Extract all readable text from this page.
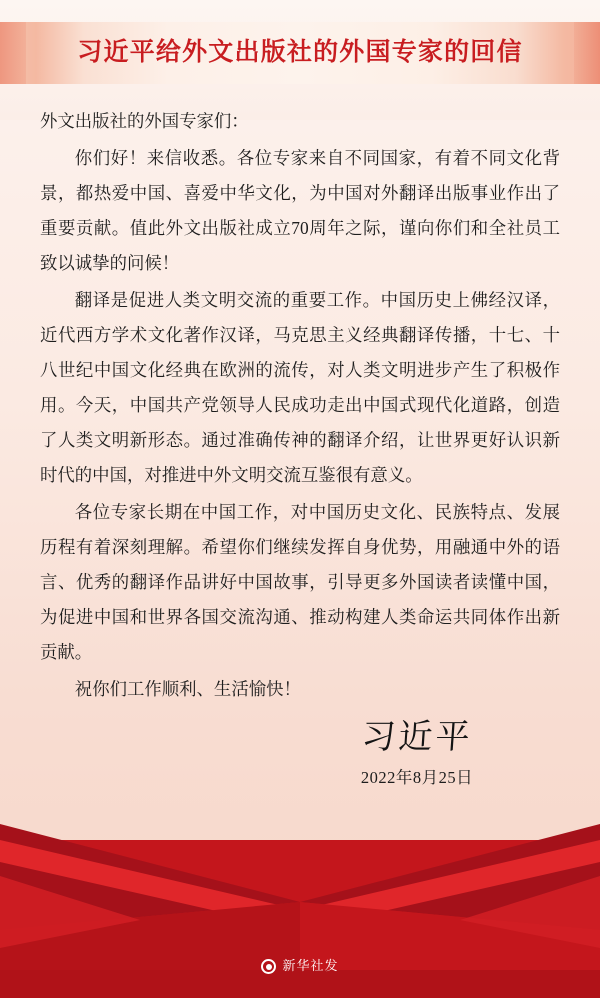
习近平给外文出版社的外国专家的回信

外文出版社的外国专家们：

你们好！来信收悉。各位专家来自不同国家，有着不同文化背景，都热爱中国、喜爱中华文化，为中国对外翻译出版事业作出了重要贡献。值此外文出版社成立70周年之际，谨向你们和全社员工致以诚挚的问候！

翻译是促进人类文明交流的重要工作。中国历史上佛经汉译，近代西方学术文化著作汉译，马克思主义经典翻译传播，十七、十八世纪中国文化经典在欧洲的流传，对人类文明进步产生了积极作用。今天，中国共产党领导人民成功走出中国式现代化道路，创造了人类文明新形态。通过准确传神的翻译介绍，让世界更好认识新时代的中国，对推进中外文明交流互鉴很有意义。

各位专家长期在中国工作，对中国历史文化、民族特点、发展历程有着深刻理解。希望你们继续发挥自身优势，用融通中外的语言、优秀的翻译作品讲好中国故事，引导更多外国读者读懂中国，为促进中国和世界各国交流沟通、推动构建人类命运共同体作出新贡献。

祝你们工作顺利、生活愉快！

习近平
2022年8月25日
新华社发
